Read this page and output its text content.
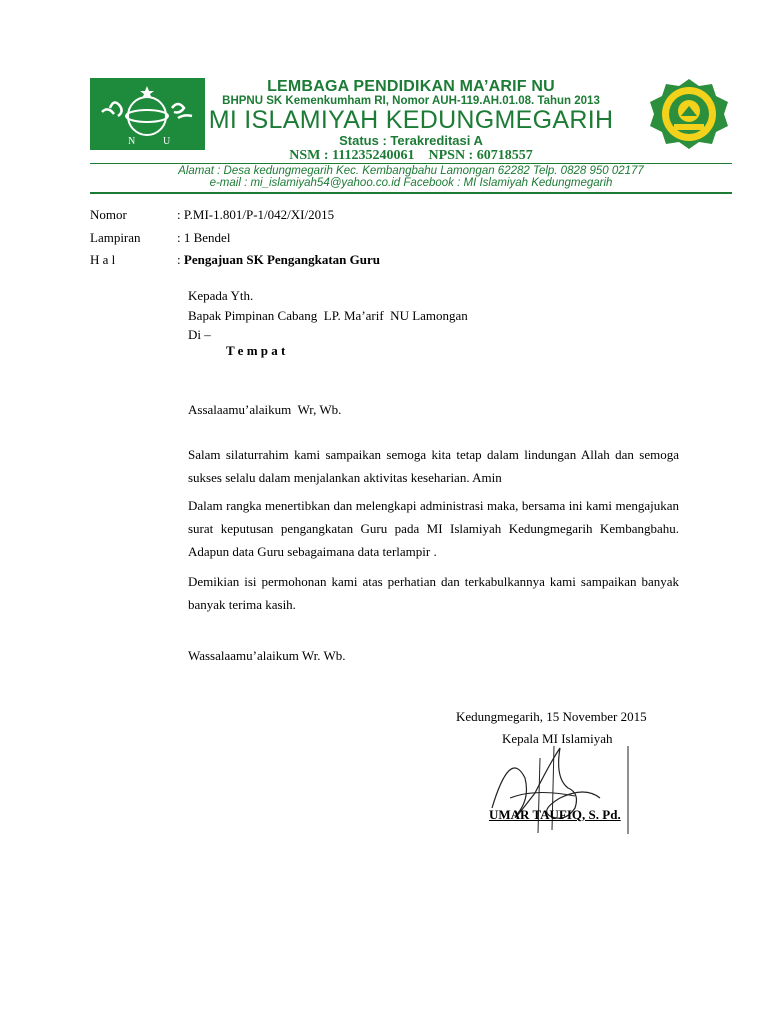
N	U
LEMBAGA PENDIDIKAN MA’ARIF NU
BHPNU SK Kemenkumham RI, Nomor AUH-119.AH.01.08. Tahun 2013
MI ISLAMIYAH KEDUNGMEGARIH
Status : Terakreditasi A
NSM : 111235240061    NPSN : 60718557
Alamat : Desa kedungmegarih Kec. Kembangbahu Lamongan 62282 Telp. 0828 950 02177
e-mail : mi_islamiyah54@yahoo.co.id Facebook : MI Islamiyah Kedungmegarih
Nomor	: P.MI-1.801/P-1/042/XI/2015
Lampiran	: 1 Bendel
H a l	: Pengajuan SK Pengangkatan Guru
Kepada Yth.
Bapak Pimpinan Cabang  LP. Ma’arif  NU Lamongan
Di –
T e m p a t
Assalaamu’alaikum  Wr, Wb.
Salam silaturrahim kami sampaikan semoga kita tetap dalam lindungan Allah dan semoga sukses selalu dalam menjalankan aktivitas keseharian. Amin
Dalam rangka menertibkan dan melengkapi administrasi maka, bersama ini kami mengajukan surat keputusan pengangkatan Guru pada MI Islamiyah Kedungmegarih Kembangbahu. Adapun data Guru sebagaimana data terlampir .
Demikian isi permohonan kami atas perhatian dan terkabulkannya kami sampaikan banyak banyak terima kasih.
Wassalaamu’alaikum Wr. Wb.
Kedungmegarih, 15 November 2015
Kepala MI Islamiyah
UMAR TAUFIQ, S. Pd.
